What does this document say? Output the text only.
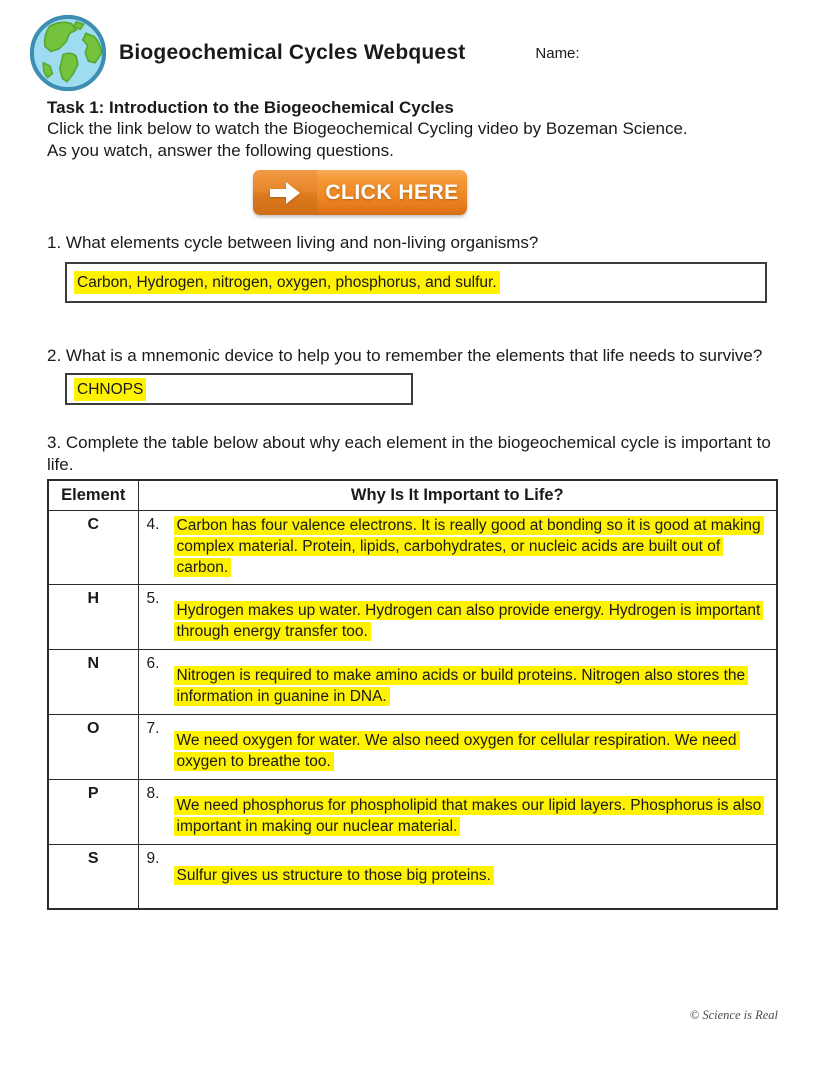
Biogeochemical Cycles Webquest	Name:
Task 1: Introduction to the Biogeochemical Cycles
Click the link below to watch the Biogeochemical Cycling video by Bozeman Science.
As you watch, answer the following questions.
CLICK HERE
1. What elements cycle between living and non-living organisms?
Carbon, Hydrogen, nitrogen, oxygen, phosphorus, and sulfur.
2. What is a mnemonic device to help you to remember the elements that life needs to survive?
CHNOPS
3. Complete the table below about why each element in the biogeochemical cycle is important to life.
Element	Why Is It Important to Life?
C	4. Carbon has four valence electrons. It is really good at bonding so it is good at making complex material. Protein, lipids, carbohydrates, or nucleic acids are built out of carbon.

H	5.
Hydrogen makes up water. Hydrogen can also provide energy. Hydrogen is important through energy transfer too.

N	6.
Nitrogen is required to make amino acids or build proteins. Nitrogen also stores the information in guanine in DNA.

O	7.
We need oxygen for water. We also need oxygen for cellular respiration. We need oxygen to breathe too.

P	8.
We need phosphorus for phospholipid that makes our lipid layers. Phosphorus is also important in making our nuclear material.

S	9.
Sulfur gives us structure to those big proteins.
© Science is Real
